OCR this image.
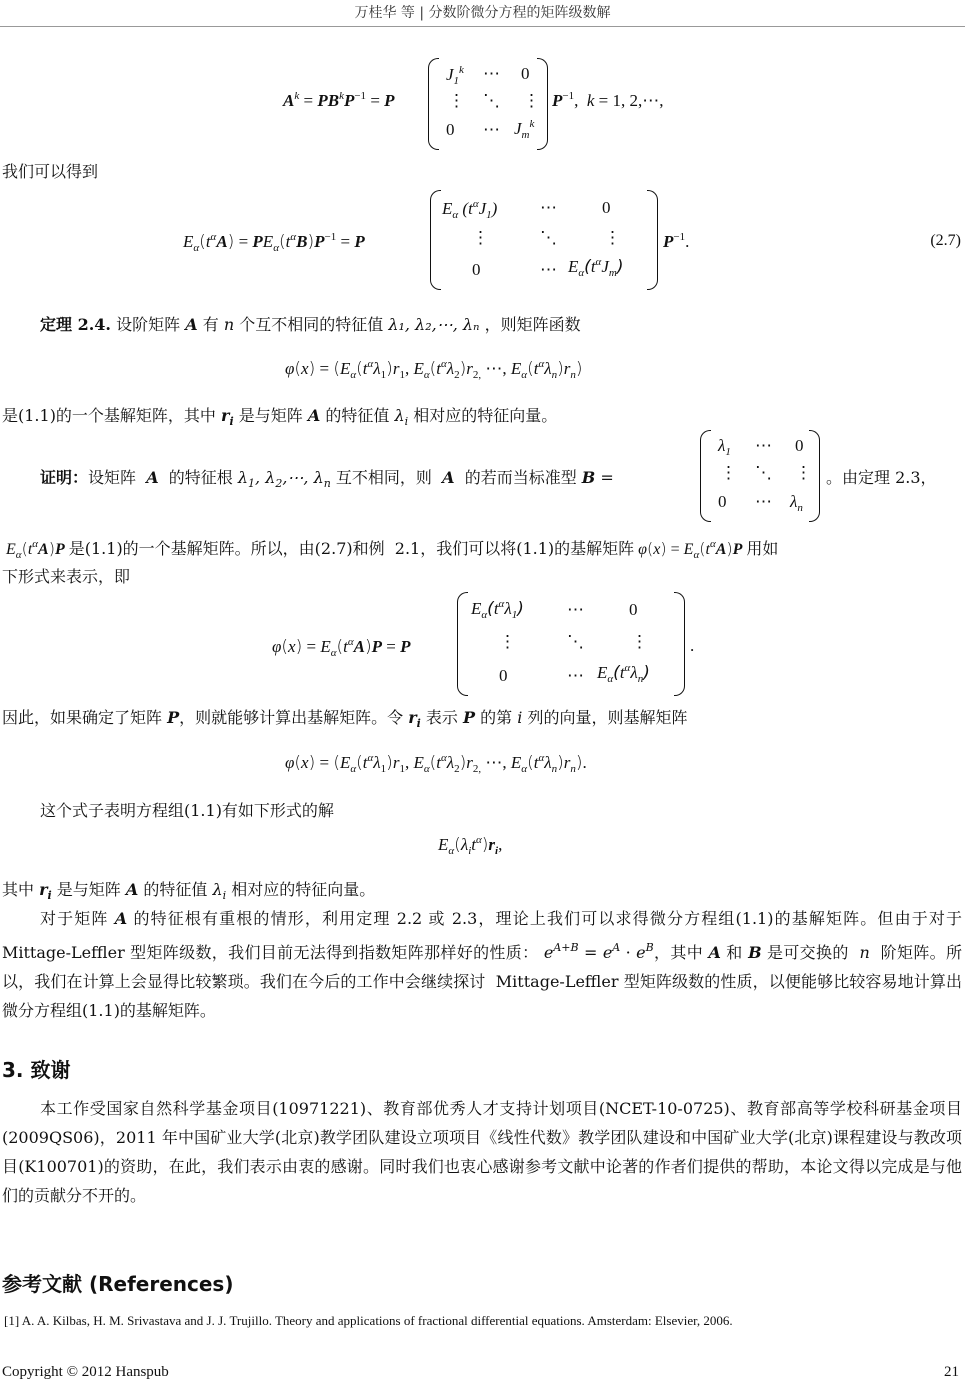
万桂华 等 | 分数阶微分方程的矩阵级数解
$A^k = PB^kP^{-1} = P$
$J_1^k$ ⋯ 0
⋮ ⋱ ⋮
0 ⋯ $J_m^k$
$P^{-1}$,  k = 1, 2,⋯,
我们可以得到
$E_\alpha(t^\alpha A) = PE_\alpha(t^\alpha B)P^{-1} = P$
$E_\alpha$ $(t^\alpha J_1)$	⋯	0
⋮	⋱	⋮
0	⋯ $E_\alpha(t^\alpha J_m)$
$P^{-1}$.	(2.7)
定理 2.4. 设阶矩阵 A 有 n 个互不相同的特征值 λ₁, λ₂,⋯, λₙ ，则矩阵函数
$\varphi(x) = (E_\alpha(t^\alpha\lambda_1)r_1$, $E_\alpha(t^\alpha\lambda_2)r_{2,}$ ⋯, $E_\alpha(t^\alpha\lambda_n)r_n$)
是(1.1)的一个基解矩阵，其中 $r_i$ 是与矩阵 A 的特征值 $\lambda_i$ 相对应的特征向量。
证明：设矩阵  A  的特征根 $\lambda_1$, $\lambda_2,\cdots$, $\lambda_n$ 互不相同，则  A  的若而当标准型 B =
$\lambda_1$ ⋯ 0
⋮ ⋱ ⋮
0 ⋯ $\lambda_n$
。由定理 2.3，
$E_\alpha(t^\alpha A)P$ 是(1.1)的一个基解矩阵。所以，由(2.7)和例  2.1，我们可以将(1.1)的基解矩阵 $\varphi(x) = E_\alpha(t^\alpha A)P$ 用如
下形式来表示，即
$\varphi(x) = E_\alpha(t^\alpha A)P = P$
$E_\alpha(t^\alpha\lambda_1)$	⋯	0
⋮	⋱	⋮
0	⋯ $E_\alpha(t^\alpha\lambda_n)$
.
因此，如果确定了矩阵 P，则就能够计算出基解矩阵。令 $r_i$ 表示 P 的第 i 列的向量，则基解矩阵
$\varphi(x) = (E_\alpha(t^\alpha\lambda_1)r_1$, $E_\alpha(t^\alpha\lambda_2)r_{2,}$ ⋯, $E_\alpha(t^\alpha\lambda_n)r_n$).
这个式子表明方程组(1.1)有如下形式的解
$E_\alpha(\lambda_it^\alpha)r_i$,
其中 $r_i$ 是与矩阵 A 的特征值 $\lambda_i$ 相对应的特征向量。
对于矩阵 A 的特征根有重根的情形，利用定理 2.2 或 2.3，理论上我们可以求得微分方程组(1.1)的基解矩阵。但由于对于 Mittage-Leffler 型矩阵级数，我们目前无法得到指数矩阵那样好的性质： $e^{A+B} = e^A \cdot e^B$，其中 A 和 B 是可交换的  n  阶矩阵。所以，我们在计算上会显得比较繁琐。我们在今后的工作中会继续探讨  Mittage-Leffler 型矩阵级数的性质，以便能够比较容易地计算出微分方程组(1.1)的基解矩阵。
3. 致谢
本工作受国家自然科学基金项目(10971221)、教育部优秀人才支持计划项目(NCET-10-0725)、教育部高等学校科研基金项目(2009QS06)，2011 年中国矿业大学(北京)教学团队建设立项项目《线性代数》教学团队建设和中国矿业大学(北京)课程建设与教改项目(K100701)的资助，在此，我们表示由衷的感谢。同时我们也衷心感谢参考文献中论著的作者们提供的帮助，本论文得以完成是与他们的贡献分不开的。
参考文献 (References)
[1] A. A. Kilbas, H. M. Srivastava and J. J. Trujillo. Theory and applications of fractional differential equations. Amsterdam: Elsevier, 2006.
Copyright © 2012 Hanspub	21
